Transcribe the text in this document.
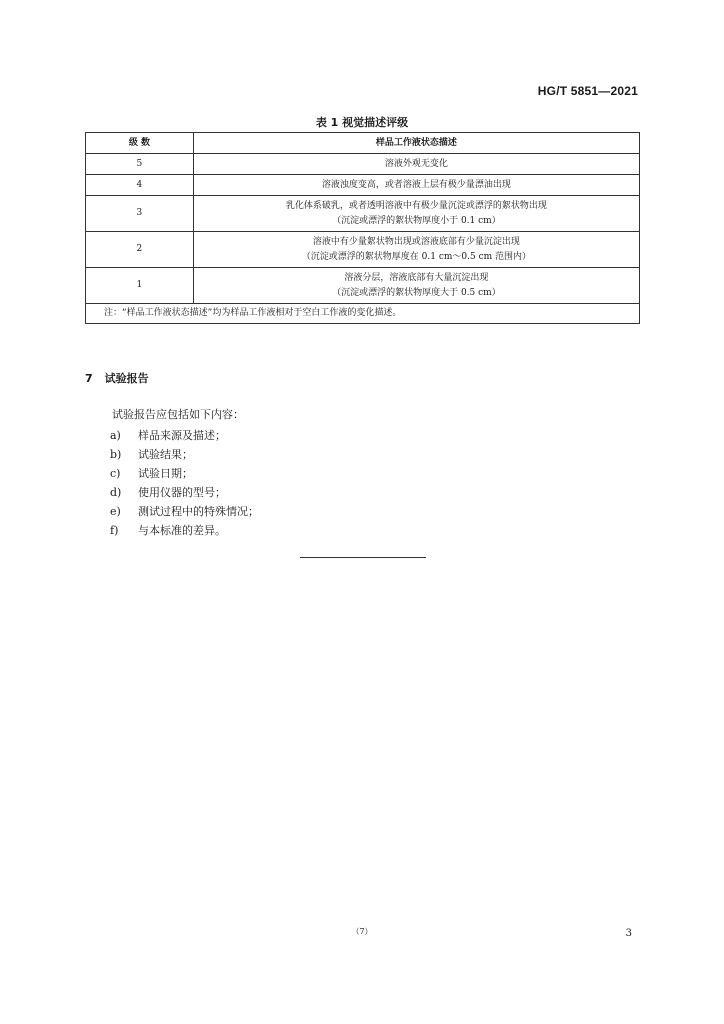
HG/T 5851—2021
表 1 视觉描述评级
级 数	样品工作液状态描述
5	溶液外观无变化

4	溶液浊度变高，或者溶液上层有极少量漂油出现

3	乳化体系破乳，或者透明溶液中有极少量沉淀或漂浮的絮状物出现
（沉淀或漂浮的絮状物厚度小于 0.1 cm）

2	溶液中有少量絮状物出现或溶液底部有少量沉淀出现
（沉淀或漂浮的絮状物厚度在 0.1 cm～0.5 cm 范围内）

1	溶液分层，溶液底部有大量沉淀出现
（沉淀或漂浮的絮状物厚度大于 0.5 cm）

注：“样品工作液状态描述”均为样品工作液相对于空白工作液的变化描述。	
7 试验报告
试验报告应包括如下内容：
a) 样品来源及描述；
b) 试验结果；
c) 试验日期；
d) 使用仪器的型号；
e) 测试过程中的特殊情况；
f) 与本标准的差异。
（7）	3
